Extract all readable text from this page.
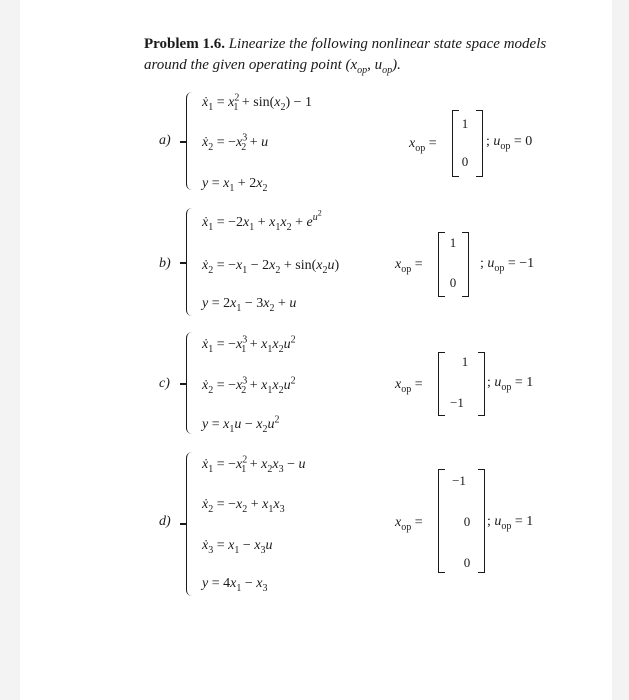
Problem 1.6. Linearize the following nonlinear state space models
around the given operating point ($x_{op}$, $u_{op}$).
a)
ẋ$_1$ = $x^2_1 + \sin(x_2) - 1$
ẋ$_2$ = $-x^3_2 + u$
$y = x_1 + 2x_2$
$x_{op}$ =
1
0
; $u_{op} = 0$
b)
ẋ$_1$ = $-2x_1 + x_1x_2 + e^{u^2}$
ẋ$_2$ = $-x_1 - 2x_2 + \sin(x_2u)$
$y = 2x_1 - 3x_2 + u$
$x_{op}$ =
1
0
; $u_{op} = -1$
c)
ẋ$_1$ = $-x^3_1 + x_1x_2u^2$
ẋ$_2$ = $-x^3_2 + x_1x_2u^2$
$y = x_1u - x_2u^2$
$x_{op}$ =
1
−1
; $u_{op} = 1$
d)
ẋ$_1$ = $-x^2_1 + x_2x_3 - u$
ẋ$_2$ = $-x_2 + x_1x_3$
ẋ$_3$ = $x_1 - x_3u$
$y = 4x_1 - x_3$
$x_{op}$ =
−1
0
0
; $u_{op} = 1$
